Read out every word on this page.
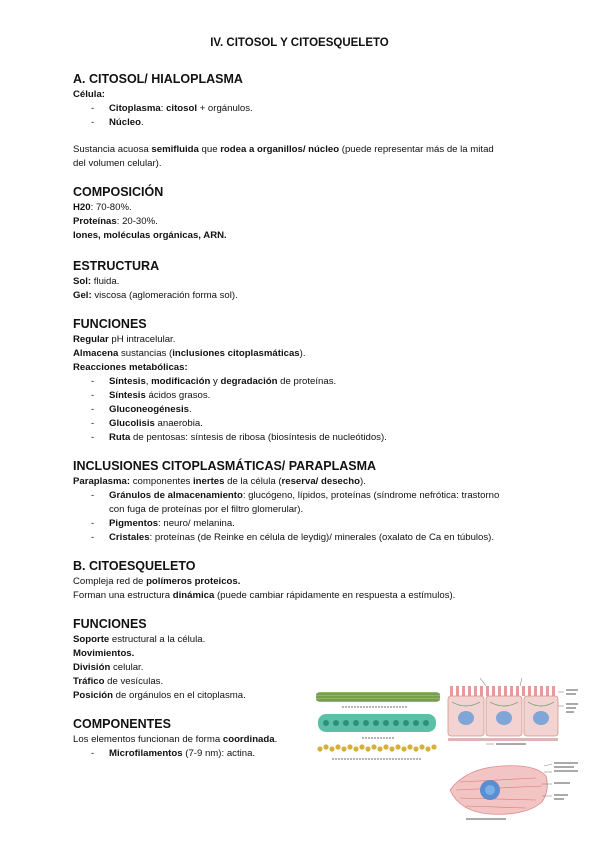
IV. CITOSOL Y CITOESQUELETO
A. CITOSOL/ HIALOPLASMA
Célula:
- Citoplasma: citosol + orgánulos.
- Núcleo.
Sustancia acuosa semifluida que rodea a organillos/ núcleo (puede representar más de la mitad
del volumen celular).
COMPOSICIÓN
H20: 70-80%.
Proteínas: 20-30%.
Iones, moléculas orgánicas, ARN.
ESTRUCTURA
Sol: fluida.
Gel: viscosa (aglomeración forma sol).
FUNCIONES
Regular pH intracelular.
Almacena sustancias (inclusiones citoplasmáticas).
Reacciones metabólicas:
- Síntesis, modificación y degradación de proteínas.
- Síntesis ácidos grasos.
- Gluconeogénesis.
- Glucolisis anaerobia.
- Ruta de pentosas: síntesis de ribosa (biosíntesis de nucleótidos).
INCLUSIONES CITOPLASMÁTICAS/ PARAPLASMA
Paraplasma: componentes inertes de la célula (reserva/ desecho).
- Gránulos de almacenamiento: glucógeno, lípidos, proteínas (síndrome nefrótica: trastorno
con fuga de proteínas por el filtro glomerular).
- Pigmentos: neuro/ melanina.
- Cristales: proteínas (de Reinke en célula de leydig)/ minerales (oxalato de Ca en túbulos).
B. CITOESQUELETO
Compleja red de polímeros proteicos.
Forman una estructura dinámica (puede cambiar rápidamente en respuesta a estímulos).
FUNCIONES
Soporte estructural a la célula.
Movimientos.
División celular.
Tráfico de vesículas.
Posición de orgánulos en el citoplasma.
COMPONENTES
Los elementos funcionan de forma coordinada.
- Microfilamentos (7-9 nm): actina.
